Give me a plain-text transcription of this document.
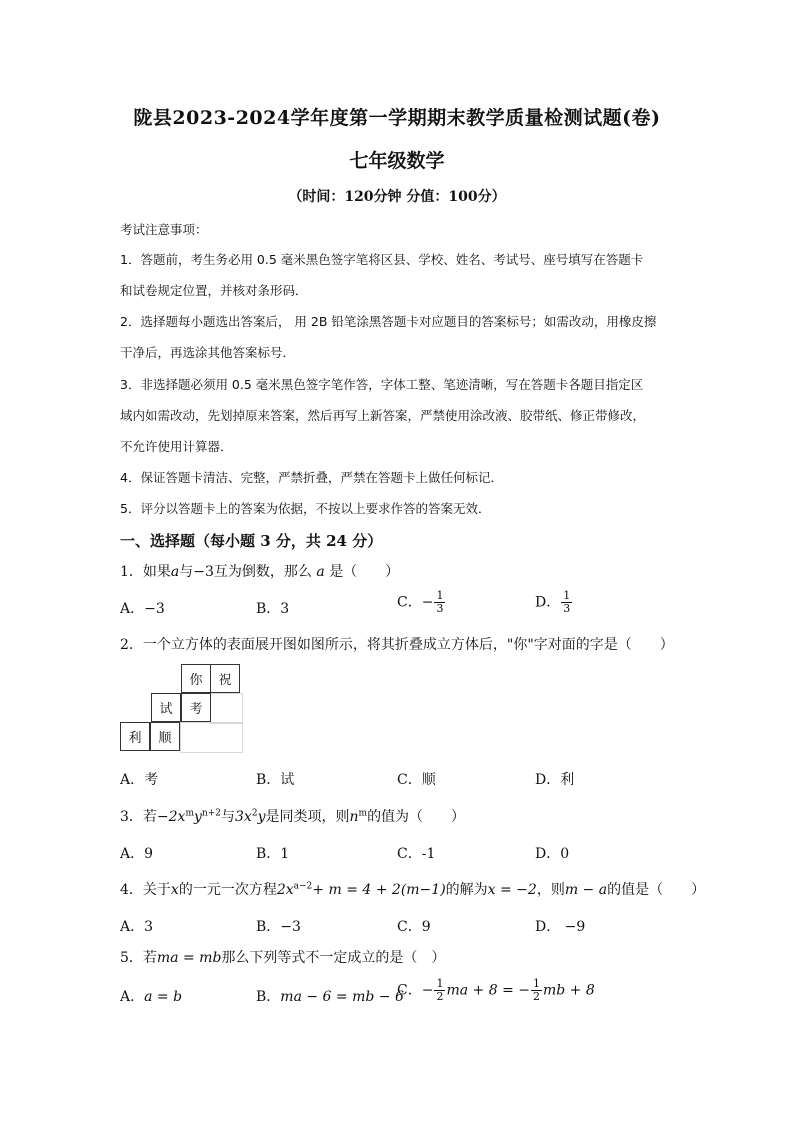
陇县2023-2024学年度第一学期期末教学质量检测试题(卷)
七年级数学
（时间：120分钟 分值：100分）
考试注意事项：
1．答题前，考生务必用 0.5 毫米黑色签字笔将区县、学校、姓名、考试号、座号填写在答题卡
和试卷规定位置，并核对条形码．
2．选择题每小题选出答案后， 用 2B 铅笔涂黑答题卡对应题目的答案标号；如需改动，用橡皮擦
干净后，再选涂其他答案标号．
3．非选择题必须用 0.5 毫米黑色签字笔作答，字体工整、笔迹清晰，写在答题卡各题目指定区
域内如需改动，先划掉原来答案，然后再写上新答案，严禁使用涂改液、胶带纸、修正带修改，
不允许使用计算器．
4．保证答题卡清洁、完整，严禁折叠，严禁在答题卡上做任何标记．
5．评分以答题卡上的答案为依据，不按以上要求作答的答案无效．
一、选择题（每小题 3 分，共 24 分）
1．如果a与−3互为倒数，那么 a 是（　　）
A．−3	B．3	C．− $\frac{1}{3}$	D． $\frac{1}{3}$
2．一个立方体的表面展开图如图所示，将其折叠成立方体后，"你"字对面的字是（　　）
你	祝
试	考
利	顺
A．考	B．试	C．顺	D．利
3．若$-2x^my^{n+2}$与$3x^2y$是同类项，则$n^m$的值为（　　）
A．9	B．1	C．-1	D．0
4．关于x的一元一次方程$2x^{a-2}+ m = 4 + 2(m-1)$的解为x = −2，则m − a的值是（　　）
A．3	B．−3	C．9	D． −9
5．若ma = mb那么下列等式不一定成立的是（　）
A．a = b	B．ma − 6 = mb − 6
C．− $\frac{1}{2}$ ma + 8 = − $\frac{1}{2}$ mb + 8
